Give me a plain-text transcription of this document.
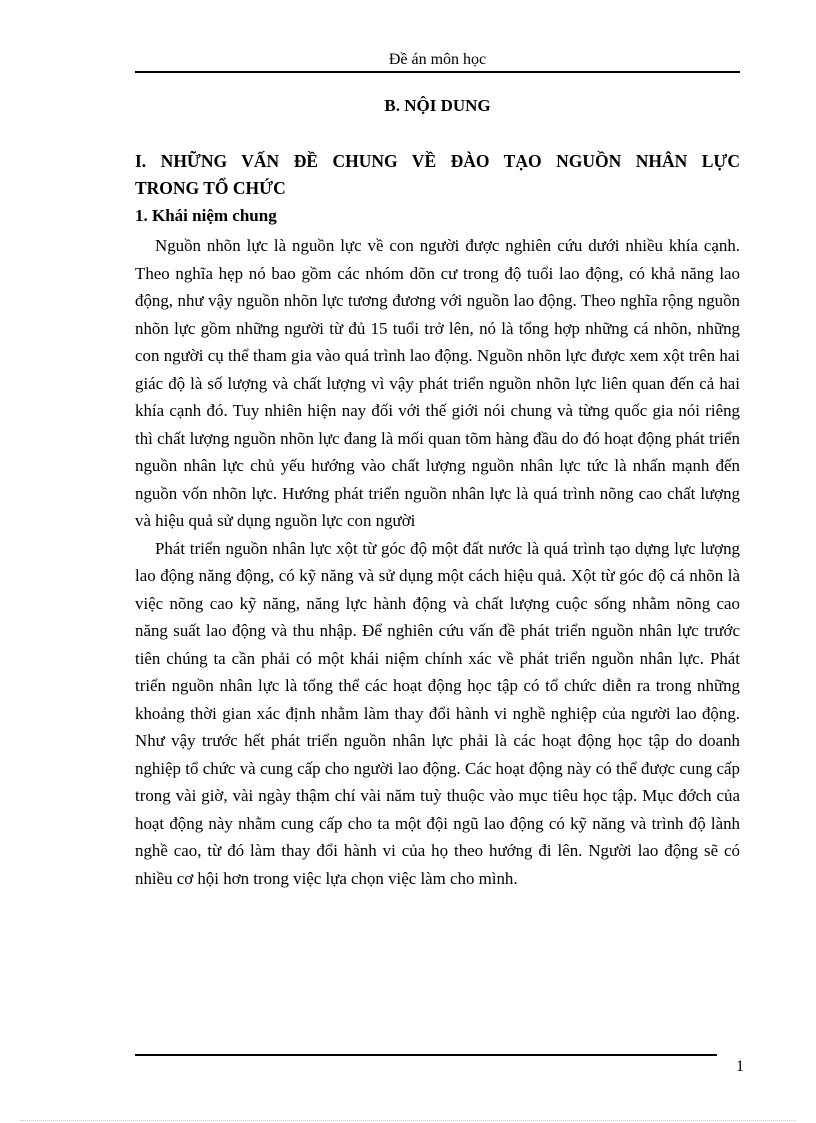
Đề án môn học
B. NỘI DUNG
I. NHỮNG VẤN ĐỀ CHUNG VỀ ĐÀO TẠO NGUỒN NHÂN LỰC
TRONG TỔ CHỨC
1. Khái niệm chung

Nguồn nhõn lực là nguồn lực về con người được nghiên cứu dưới nhiều khía cạnh. Theo nghĩa hẹp nó bao gồm các nhóm dõn cư trong độ tuổi lao động, có khả năng lao động, như vậy nguồn nhõn lực tương đương với nguồn lao động. Theo nghĩa rộng nguồn nhõn lực gồm những người từ đủ 15 tuổi trở lên, nó là tổng hợp những cá nhõn, những con người cụ thể tham gia vào quá trình lao động. Nguồn nhõn lực được xem xột trên hai giác độ là số lượng và chất lượng vì vậy phát triển nguồn nhõn lực liên quan đến cả hai khía cạnh đó. Tuy nhiên hiện nay đối với thế giới nói chung và từng quốc gia nói riêng thì chất lượng nguồn nhõn lực đang là mối quan tõm hàng đầu do đó hoạt động phát triển nguồn nhân lực chủ yếu hướng vào chất lượng nguồn nhân lực tức là nhấn mạnh đến nguồn vốn nhõn lực. Hướng phát triển nguồn nhân lực là quá trình nõng cao chất lượng và hiệu quả sử dụng nguồn lực con người

Phát triển nguồn nhân lực xột từ góc độ một đất nước là quá trình tạo dựng lực lượng lao động năng động, có kỹ năng và sử dụng một cách hiệu quả. Xột từ góc độ cá nhõn là việc nõng cao kỹ năng, năng lực hành động và chất lượng cuộc sống nhằm nõng cao năng suất lao động và thu nhập. Để nghiên cứu vấn đề phát triển nguồn nhân lực trước tiên chúng ta cần phải có một khái niệm chính xác về phát triển nguồn nhân lực. Phát triển nguồn nhân lực là tổng thể các hoạt động học tập có tổ chức diễn ra trong những khoảng thời gian xác định nhằm làm thay đổi hành vi nghề nghiệp của người lao động. Như vậy trước hết phát triển nguồn nhân lực phải là các hoạt động học tập do doanh nghiệp tổ chức và cung cấp cho người lao động. Các hoạt động này có thể được cung cấp trong vài giờ, vài ngày thậm chí vài năm tuỳ thuộc vào mục tiêu học tập. Mục đớch của hoạt động này nhằm cung cấp cho ta một đội ngũ lao động có kỹ năng và trình độ lành nghề cao, từ đó làm thay đổi hành vi của họ theo hướng đi lên. Người lao động sẽ có nhiều cơ hội hơn trong việc lựa chọn việc làm cho mình.

1
